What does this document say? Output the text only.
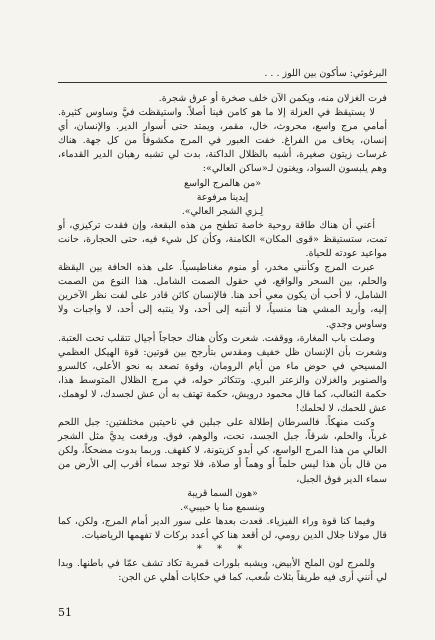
البرغوثي: سأكون بين اللوز . . .

فرت الغزلان منه، ويكمن الآن خلف صخرة أو عرق شجرة.

لا يستيقظ في العزلة إلا ما هو كامن فينا أصلاً. واستيقظت فيَّ وساوس كثيرة. أمامي مرج واسع، محروث، خال، مقمر، ويمتد حتى أسوار الدير. والإنسان، أي إنسان، يخاف من الفراغ. خفت العبور في المرج مكشوفاً من كل جهة. هناك غرسات زيتون صغيرة، أشبه بالظلال الداكنة، بدت لي تشبه رهبان الدير القدماء، وهم يلبسون السواد، ويغنون لـ«ساكن العالي»:

«من هالمرج الواسع

إيدينا مرفوعة

لِـزي الشجر العالي».

أعني أن هناك طاقة روحية خاصة تطفح من هذه البقعة، وإن فقدت تركيزي، أو تمت، ستستيقظ «قوى المكان» الكامنة، وكأن كل شيء فيه، حتى الحجارة، حانت مواعيد عودته للحياة.

عبرت المرج وكأنني مخدر، أو منوم مغناطيسياً. على هذه الحافة بين اليقظة والحلم، بين السحر والواقع، في حقول الصمت الشامل. هذا النوع من الصمت الشامل، لا أحب أن يكون معي أحد هنا. فالإنسان كائن قادر على لفت نظر الآخرين إليه، وأريد المشي هنا منسياً، لا أنتبه إلى أحد، ولا ينتبه إلى أحد، لا واجبات ولا وساوس وجدي.

وصلت باب المغارة، ووقفت. شعرت وكأن هناك حجاجاً أجيال تتقلب تحت العتبة. وشعرت بأن الإنسان ظل خفيف ومقدس بتأرجح بين قوتين: قوة الهيكل العظمي المسيحي في حوض ماء من أيام الرومان، وقوة تصعد به نحو الأعلى، كالسرو والصنوبر والغزلان والزعتر البري. وتتكاثر حوله، في مرج الظلال المتوسط هذا، حكمة الثعالب، كما قال محمود درويش، حكمة تهتف به أن عش لجسدك، لا لوهمك، عش للحمك، لا لحلمك!

وكنت منهكاً. فالسرطان إطلالة على جبلين في ناحيتين مختلفتين: جبل اللحم غرباً، والحلم، شرقاً، جبل الجسد، تحت، والوهم، فوق. ورفعت يديَّ مثل الشجر العالي من هذا المرج الواسع، كي أبدو كزيتونة، لا كقهف. وربما بدوت مضحكاً، ولكن من قال بأن هذا ليس حلماً أو وهماً أو صلاة، فلا توجد سماء أقرب إلى الأرض من سماء الدير فوق الجبل،

«هون السما قريبة

وبنسمع منا يا حبيبي».

وفيما كنا قوة وراء الفيزياء. قعدت بعدها على سور الدير أمام المرج، ولكن، كما قال مولانا جلال الدين رومي، لن أقعد هنا كي أعدد بركات لا تفهمها الرياضيات.

* * *

وللمرج لون الملح الأبيض، ويشبه بلورات قمرية تكاد تشف عمّا في باطنها. وبدا لي أنني أرى فيه طريقاً بثلاث شُعب، كما في حكايات أهلي عن الجن:

51
